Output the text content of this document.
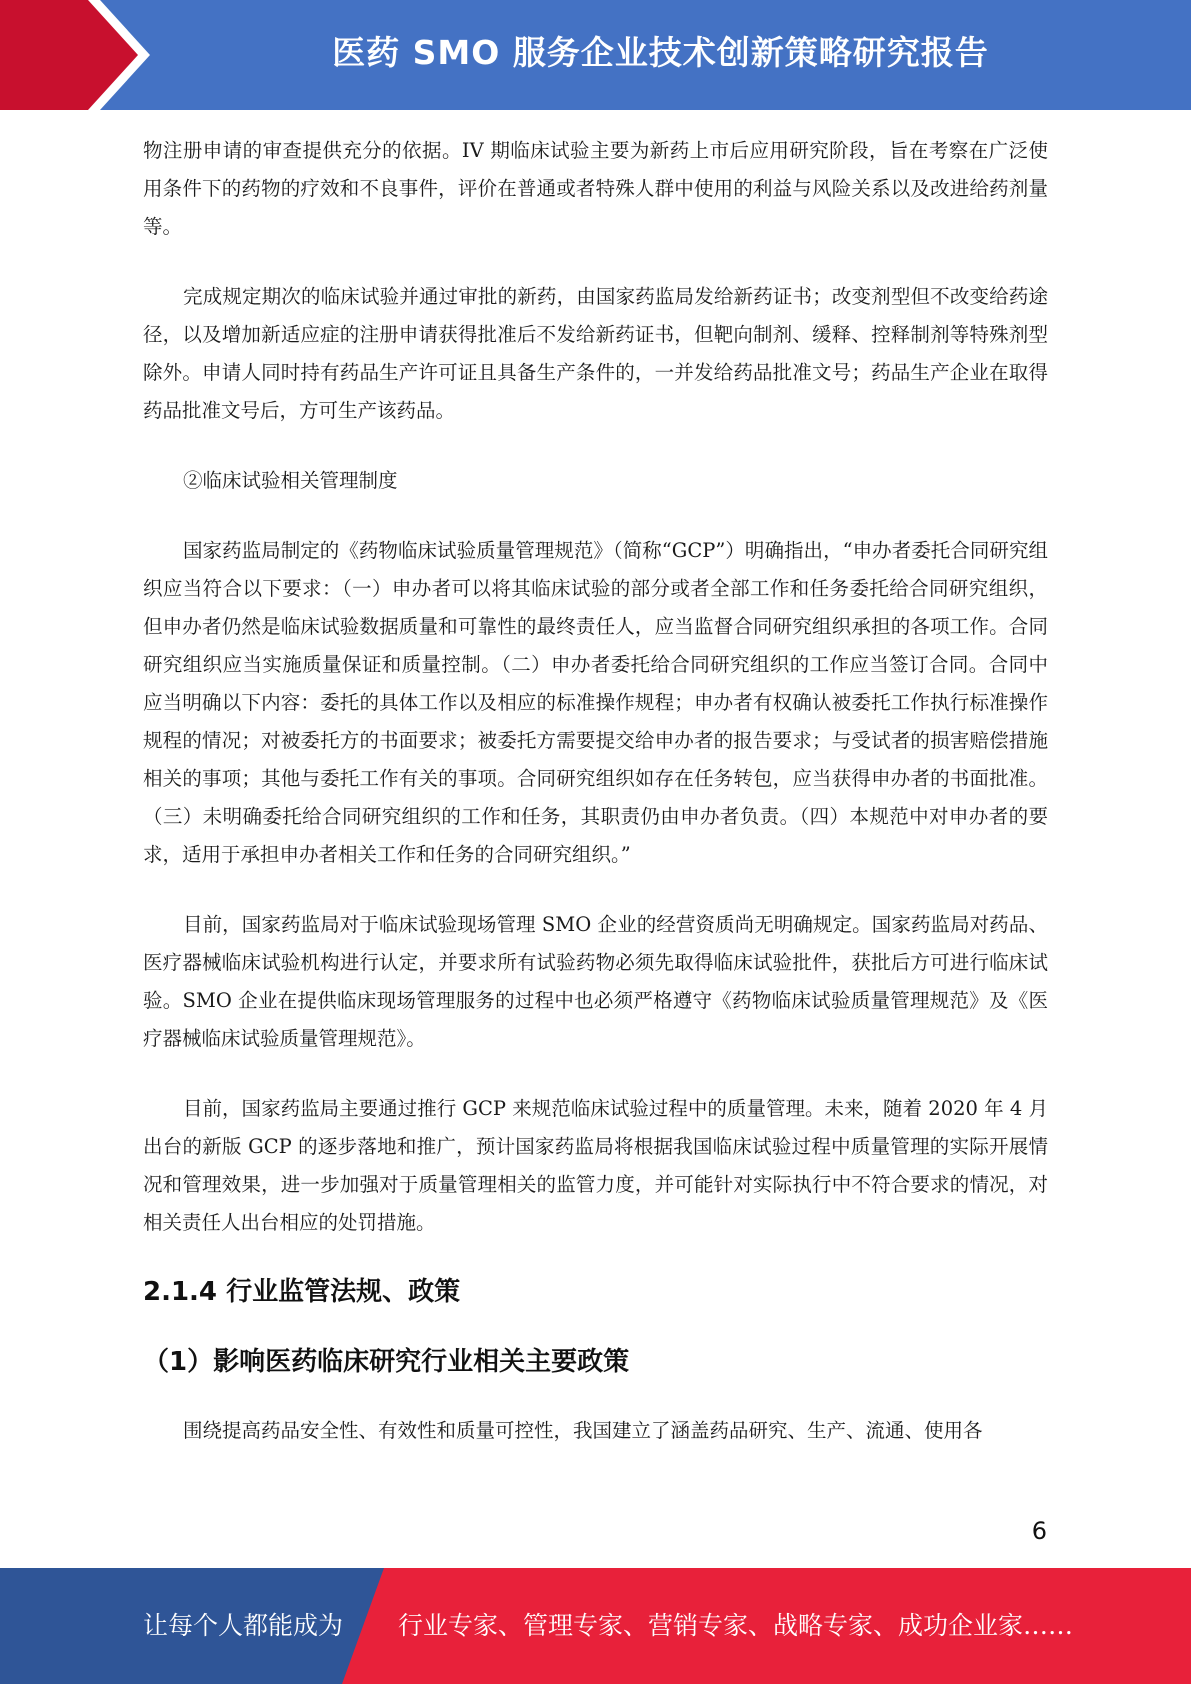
医药 SMO 服务企业技术创新策略研究报告

物注册申请的审查提供充分的依据。IV 期临床试验主要为新药上市后应用研究阶段，旨在考察在广泛使用条件下的药物的疗效和不良事件，评价在普通或者特殊人群中使用的利益与风险关系以及改进给药剂量等。

完成规定期次的临床试验并通过审批的新药，由国家药监局发给新药证书；改变剂型但不改变给药途径，以及增加新适应症的注册申请获得批准后不发给新药证书，但靶向制剂、缓释、控释制剂等特殊剂型除外。申请人同时持有药品生产许可证且具备生产条件的，一并发给药品批准文号；药品生产企业在取得药品批准文号后，方可生产该药品。

②临床试验相关管理制度

国家药监局制定的《药物临床试验质量管理规范》（简称“GCP”）明确指出，“申办者委托合同研究组织应当符合以下要求：（一）申办者可以将其临床试验的部分或者全部工作和任务委托给合同研究组织，但申办者仍然是临床试验数据质量和可靠性的最终责任人，应当监督合同研究组织承担的各项工作。合同研究组织应当实施质量保证和质量控制。（二）申办者委托给合同研究组织的工作应当签订合同。合同中应当明确以下内容：委托的具体工作以及相应的标准操作规程；申办者有权确认被委托工作执行标准操作规程的情况；对被委托方的书面要求；被委托方需要提交给申办者的报告要求；与受试者的损害赔偿措施相关的事项；其他与委托工作有关的事项。合同研究组织如存在任务转包，应当获得申办者的书面批准。（三）未明确委托给合同研究组织的工作和任务，其职责仍由申办者负责。（四）本规范中对申办者的要求，适用于承担申办者相关工作和任务的合同研究组织。”

目前，国家药监局对于临床试验现场管理 SMO 企业的经营资质尚无明确规定。国家药监局对药品、医疗器械临床试验机构进行认定，并要求所有试验药物必须先取得临床试验批件，获批后方可进行临床试验。SMO 企业在提供临床现场管理服务的过程中也必须严格遵守《药物临床试验质量管理规范》及《医疗器械临床试验质量管理规范》。

目前，国家药监局主要通过推行 GCP 来规范临床试验过程中的质量管理。未来，随着 2020 年 4 月出台的新版 GCP 的逐步落地和推广，预计国家药监局将根据我国临床试验过程中质量管理的实际开展情况和管理效果，进一步加强对于质量管理相关的监管力度，并可能针对实际执行中不符合要求的情况，对相关责任人出台相应的处罚措施。

2.1.4 行业监管法规、政策
（1）影响医药临床研究行业相关主要政策

围绕提高药品安全性、有效性和质量可控性，我国建立了涵盖药品研究、生产、流通、使用各

6
让每个人都能成为 行业专家、管理专家、营销专家、战略专家、成功企业家……
